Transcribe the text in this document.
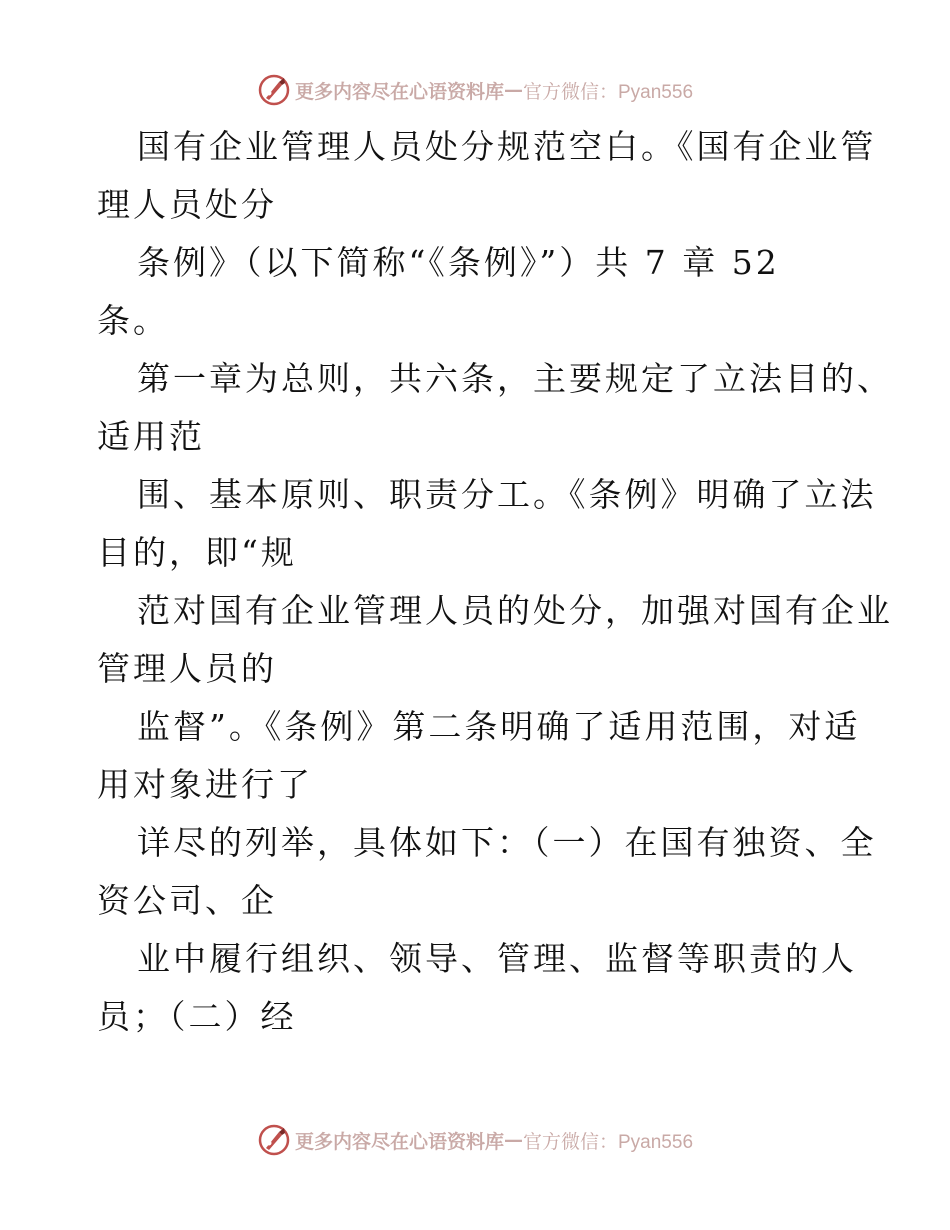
更多内容尽在心语资料库 — 官方微信：Pyan556
国有企业管理人员处分规范空白。《国有企业管
理人员处分
条例》（以下简称“《条例》”）共 7 章 52
条。
第一章为总则，共六条，主要规定了立法目的、
适用范
围、基本原则、职责分工。《条例》明确了立法
目的，即“规
范对国有企业管理人员的处分，加强对国有企业
管理人员的
监督”。《条例》第二条明确了适用范围，对适
用对象进行了
详尽的列举，具体如下：（一）在国有独资、全
资公司、企
业中履行组织、领导、管理、监督等职责的人
员；（二）经
更多内容尽在心语资料库 — 官方微信：Pyan556
